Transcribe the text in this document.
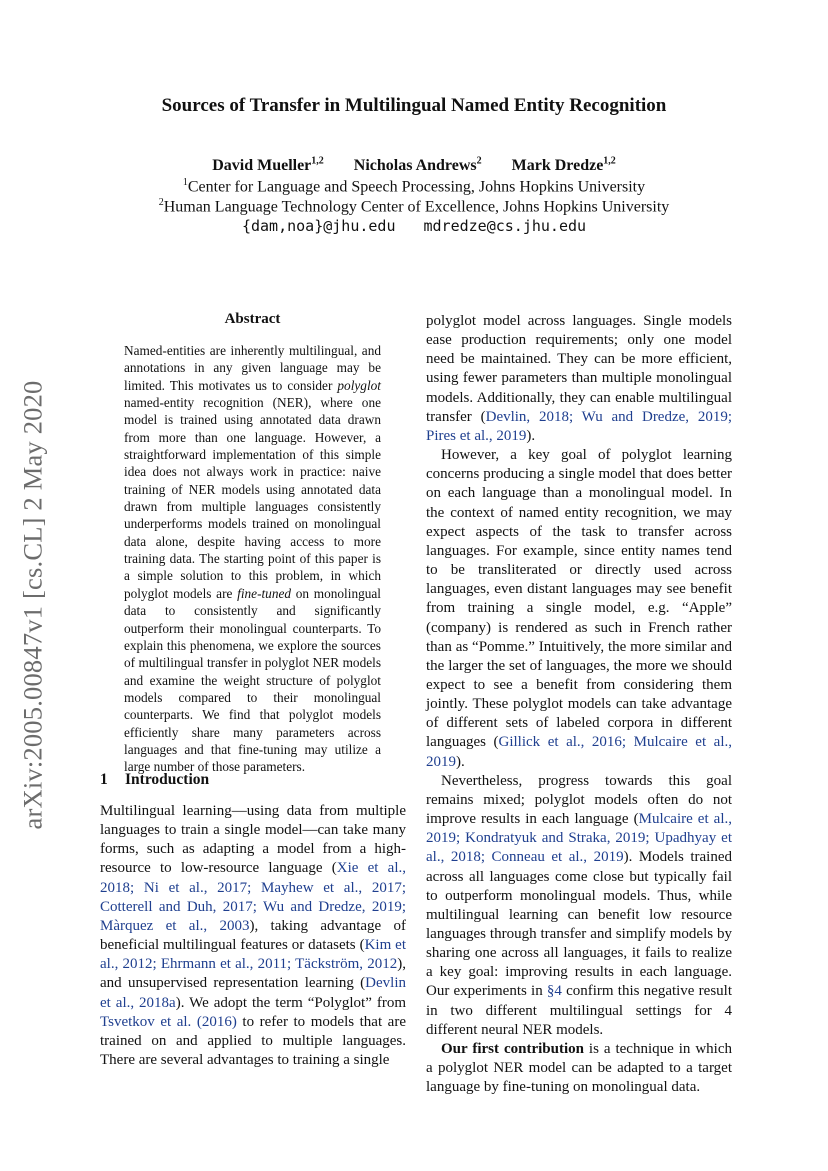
arXiv:2005.00847v1 [cs.CL] 2 May 2020
Sources of Transfer in Multilingual Named Entity Recognition
David Mueller$^{1,2}$ Nicholas Andrews$^2$ Mark Dredze$^{1,2}$
$^1$Center for Language and Speech Processing, Johns Hopkins University
$^2$Human Language Technology Center of Excellence, Johns Hopkins University
{dam,noa}@jhu.edu mdredze@cs.jhu.edu
Abstract

Named-entities are inherently multilingual, and annotations in any given language may be limited. This motivates us to consider polyglot named-entity recognition (NER), where one model is trained using annotated data drawn from more than one language. However, a straightforward implementation of this simple idea does not always work in practice: naive training of NER models using annotated data drawn from multiple languages consistently underperforms models trained on monolingual data alone, despite having access to more training data. The starting point of this paper is a simple solution to this problem, in which polyglot models are fine-tuned on monolingual data to consistently and significantly outperform their monolingual counterparts. To explain this phenomena, we explore the sources of multilingual transfer in polyglot NER models and examine the weight structure of polyglot models compared to their monolingual counterparts. We find that polyglot models efficiently share many parameters across languages and that fine-tuning may utilize a large number of those parameters.

1 Introduction

Multilingual learning—using data from multiple languages to train a single model—can take many forms, such as adapting a model from a high-resource to low-resource language (Xie et al., 2018; Ni et al., 2017; Mayhew et al., 2017; Cotterell and Duh, 2017; Wu and Dredze, 2019; Màrquez et al., 2003), taking advantage of beneficial multilingual features or datasets (Kim et al., 2012; Ehrmann et al., 2011; Täckström, 2012), and unsupervised representation learning (Devlin et al., 2018a). We adopt the term “Polyglot” from Tsvetkov et al. (2016) to refer to models that are trained on and applied to multiple languages. There are several advantages to training a single

polyglot model across languages. Single models ease production requirements; only one model need be maintained. They can be more efficient, using fewer parameters than multiple monolingual models. Additionally, they can enable multilingual transfer (Devlin, 2018; Wu and Dredze, 2019; Pires et al., 2019).

However, a key goal of polyglot learning concerns producing a single model that does better on each language than a monolingual model. In the context of named entity recognition, we may expect aspects of the task to transfer across languages. For example, since entity names tend to be transliterated or directly used across languages, even distant languages may see benefit from training a single model, e.g. “Apple” (company) is rendered as such in French rather than as “Pomme.” Intuitively, the more similar and the larger the set of languages, the more we should expect to see a benefit from considering them jointly. These polyglot models can take advantage of different sets of labeled corpora in different languages (Gillick et al., 2016; Mulcaire et al., 2019).

Nevertheless, progress towards this goal remains mixed; polyglot models often do not improve results in each language (Mulcaire et al., 2019; Kondratyuk and Straka, 2019; Upadhyay et al., 2018; Conneau et al., 2019). Models trained across all languages come close but typically fail to outperform monolingual models. Thus, while multilingual learning can benefit low resource languages through transfer and simplify models by sharing one across all languages, it fails to realize a key goal: improving results in each language. Our experiments in §4 confirm this negative result in two different multilingual settings for 4 different neural NER models.

Our first contribution is a technique in which a polyglot NER model can be adapted to a target language by fine-tuning on monolingual data.
